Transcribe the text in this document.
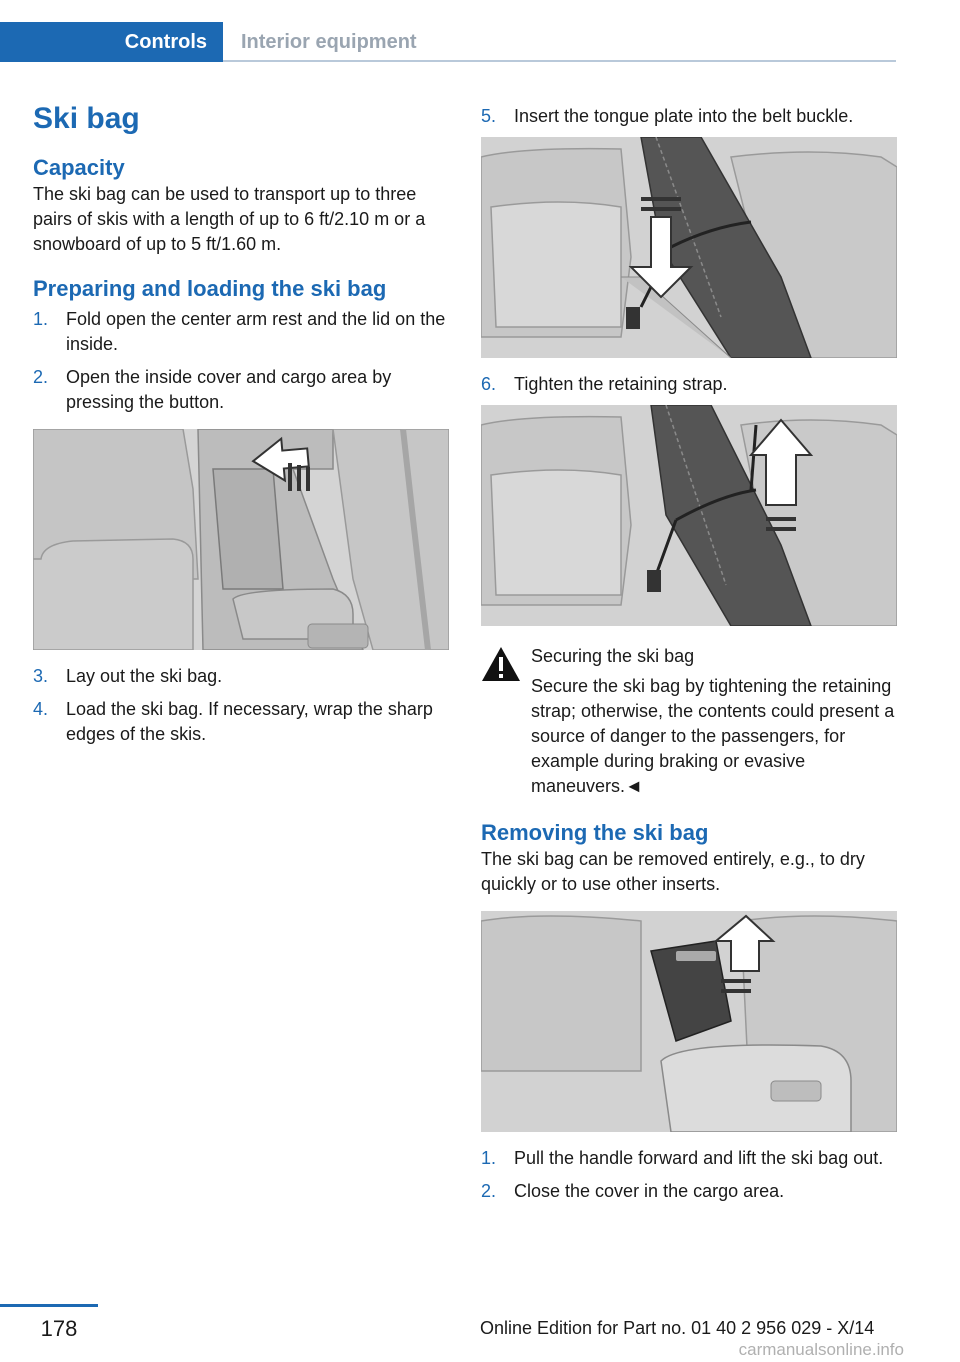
Controls	Interior equipment
Ski bag
Capacity

The ski bag can be used to transport up to three pairs of skis with a length of up to 6 ft/2.10 m or a snowboard of up to 5 ft/1.60 m.

Preparing and loading the ski bag
1. Fold open the center arm rest and the lid on the inside.
2. Open the inside cover and cargo area by pressing the button.
3. Lay out the ski bag.
4. Load the ski bag. If necessary, wrap the sharp edges of the skis.
5. Insert the tongue plate into the belt buckle.
6. Tighten the retaining strap.

Securing the ski bag

Secure the ski bag by tightening the retaining strap; otherwise, the contents could present a source of danger to the passengers, for example during braking or evasive maneuvers.◄

Removing the ski bag

The ski bag can be removed entirely, e.g., to dry quickly or to use other inserts.

1. Pull the handle forward and lift the ski bag out.
2. Close the cover in the cargo area.
178	Online Edition for Part no. 01 40 2 956 029 - X/14
carmanualsonline.info
